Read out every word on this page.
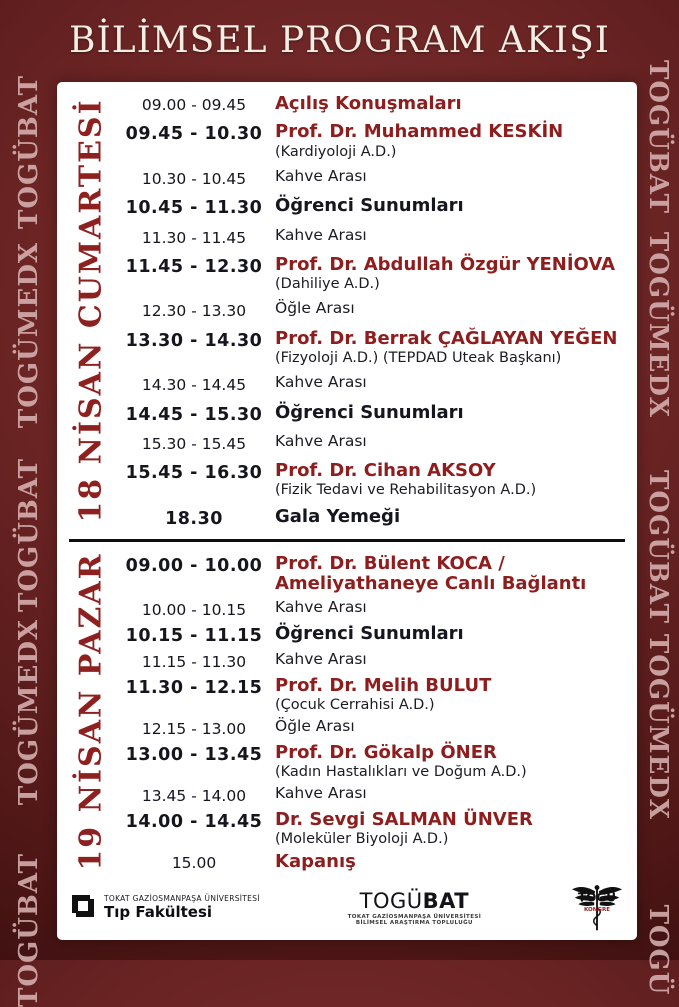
BİLİMSEL PROGRAM AKIŞI
TOGÜBAT
TOGÜMEDX
TOGÜBAT
TOGÜMEDX
TOGÜBAT
TOGÜBAT
TOGÜMEDX
TOGÜBAT
TOGÜMEDX
TOGÜ
18 NİSAN CUMARTESİ	09.00 - 09.45	Açılış Konuşmaları
09.45 - 10.30 Prof. Dr. Muhammed KESKİN
(Kardiyoloji A.D.)
10.30 - 10.45	Kahve Arası
10.45 - 11.30 Öğrenci Sunumları
11.30 - 11.45	Kahve Arası
11.45 - 12.30 Prof. Dr. Abdullah Özgür YENİOVA
(Dahiliye A.D.)
12.30 - 13.30	Öğle Arası
13.30 - 14.30 Prof. Dr. Berrak ÇAĞLAYAN YEĞEN
(Fizyoloji A.D.) (TEPDAD Uteak Başkanı)
14.30 - 14.45	Kahve Arası
14.45 - 15.30 Öğrenci Sunumları
15.30 - 15.45	Kahve Arası
15.45 - 16.30 Prof. Dr. Cihan AKSOY
(Fizik Tedavi ve Rehabilitasyon A.D.)
18.30	Gala Yemeği
19 NİSAN PAZAR 09.00 - 10.00 Prof. Dr. Bülent KOCA /
Ameliyathaneye Canlı Bağlantı
10.00 - 10.15	Kahve Arası
10.15 - 11.15 Öğrenci Sunumları
11.15 - 11.30	Kahve Arası
11.30 - 12.15 Prof. Dr. Melih BULUT
(Çocuk Cerrahisi A.D.)
12.15 - 13.00	Öğle Arası
13.00 - 13.45 Prof. Dr. Gökalp ÖNER
(Kadın Hastalıkları ve Doğum A.D.)
13.45 - 14.00	Kahve Arası
14.00 - 14.45 Dr. Sevgi SALMAN ÜNVER
(Moleküler Biyoloji A.D.)
15.00	Kapanış
TOKAT GAZİOSMANPAŞA ÜNİVERSİTESİ
Tıp Fakültesi	TOGÜBAT
TOKAT GAZİOSMANPAŞA ÜNİVERSİTESİ
BİLİMSEL ARAŞTIRMA TOPLULUĞU
TOGÜ
KONGRE
